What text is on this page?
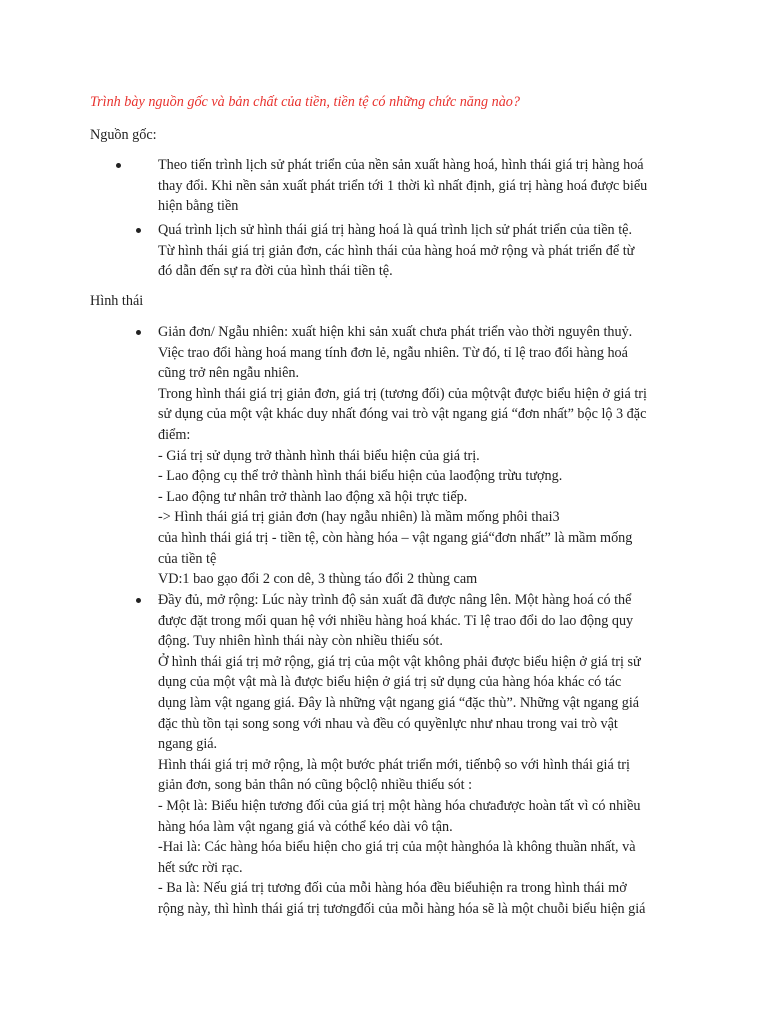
Trình bày nguồn gốc và bản chất của tiền, tiền tệ có những chức năng nào?
Nguồn gốc:

Theo tiến trình lịch sử phát triển của nền sản xuất hàng hoá, hình thái giá trị hàng hoá
thay đổi. Khi nền sản xuất phát triển tới 1 thời kì nhất định, giá trị hàng hoá được biểu
hiện bằng tiền

Quá trình lịch sử hình thái giá trị hàng hoá là quá trình lịch sử phát triển của tiền tệ.
Từ hình thái giá trị giản đơn, các hình thái của hàng hoá mở rộng và phát triển để từ
đó dẫn đến sự ra đời của hình thái tiền tệ.

Hình thái

Giản đơn/ Ngẫu nhiên: xuất hiện khi sản xuất chưa phát triển vào thời nguyên thuỷ.
Việc trao đổi hàng hoá mang tính đơn lẻ, ngẫu nhiên. Từ đó, tỉ lệ trao đổi hàng hoá
cũng trở nên ngẫu nhiên.
Trong hình thái giá trị giản đơn, giá trị (tương đối) của mộtvật được biểu hiện ở giá trị
sử dụng của một vật khác duy nhất đóng vai trò vật ngang giá “đơn nhất” bộc lộ 3 đặc
điểm:
- Giá trị sử dụng trở thành hình thái biểu hiện của giá trị.
- Lao động cụ thể trở thành hình thái biểu hiện của laođộng trừu tượng.
- Lao động tư nhân trở thành lao động xã hội trực tiếp.
-> Hình thái giá trị giản đơn (hay ngẫu nhiên) là mầm mống phôi thai3
của hình thái giá trị - tiền tệ, còn hàng hóa – vật ngang giá“đơn nhất” là mầm mống
của tiền tệ
VD:1 bao gạo đổi 2 con dê, 3 thùng táo đổi 2 thùng cam

Đầy đủ, mở rộng: Lúc này trình độ sản xuất đã được nâng lên. Một hàng hoá có thể
được đặt trong mối quan hệ với nhiều hàng hoá khác. Tỉ lệ trao đổi do lao động quy
động. Tuy nhiên hình thái này còn nhiều thiếu sót.
Ở hình thái giá trị mở rộng, giá trị của một vật không phải được biểu hiện ở giá trị sử
dụng của một vật mà là được biểu hiện ở giá trị sử dụng của hàng hóa khác có tác
dụng làm vật ngang giá. Đây là những vật ngang giá “đặc thù”. Những vật ngang giá
đặc thù tồn tại song song với nhau và đều có quyềnlực như nhau trong vai trò vật
ngang giá.
Hình thái giá trị mở rộng, là một bước phát triển mới, tiếnbộ so với hình thái giá trị
giản đơn, song bản thân nó cũng bộclộ nhiều thiếu sót :
- Một là: Biểu hiện tương đối của giá trị một hàng hóa chưađược hoàn tất vì có nhiều
hàng hóa làm vật ngang giá và cóthể kéo dài vô tận.
-Hai là: Các hàng hóa biểu hiện cho giá trị của một hànghóa là không thuần nhất, và
hết sức rời rạc.
- Ba là: Nếu giá trị tương đối của mỗi hàng hóa đều biểuhiện ra trong hình thái mở
rộng này, thì hình thái giá trị tươngđối của mỗi hàng hóa sẽ là một chuỗi biểu hiện giá
